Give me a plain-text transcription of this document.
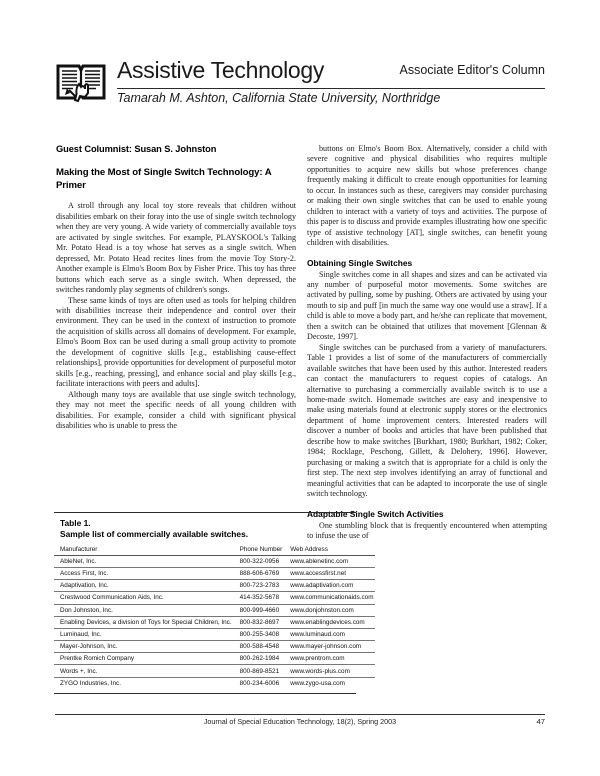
Assistive Technology	Associate Editor's Column
Tamarah M. Ashton, California State University, Northridge
Guest Columnist: Susan S. Johnston
Making the Most of Single Switch Technology: A Primer

A stroll through any local toy store reveals that children without disabilities embark on their foray into the use of single switch technology when they are very young. A wide variety of commercially available toys are activated by single switches. For example, PLAYSKOOL's Talking Mr. Potato Head is a toy whose hat serves as a single switch. When depressed, Mr. Potato Head recites lines from the movie Toy Story-2. Another example is Elmo's Boom Box by Fisher Price. This toy has three buttons which each serve as a single switch. When depressed, the switches randomly play segments of children's songs.

These same kinds of toys are often used as tools for helping children with disabilities increase their independence and control over their environment. They can be used in the context of instruction to promote the acquisition of skills across all domains of development. For example, Elmo's Boom Box can be used during a small group activity to promote the development of cognitive skills [e.g., establishing cause-effect relationships], provide opportunities for development of purposeful motor skills [e.g., reaching, pressing], and enhance social and play skills [e.g., facilitate interactions with peers and adults].

Although many toys are available that use single switch technology, they may not meet the specific needs of all young children with disabilities. For example, consider a child with significant physical disabilities who is unable to press the

buttons on Elmo's Boom Box. Alternatively, consider a child with severe cognitive and physical disabilities who requires multiple opportunities to acquire new skills but whose preferences change frequently making it difficult to create enough opportunities for learning to occur. In instances such as these, caregivers may consider purchasing or making their own single switches that can be used to enable young children to interact with a variety of toys and activities. The purpose of this paper is to discuss and provide examples illustrating how one specific type of assistive technology [AT], single switches, can benefit young children with disabilities.

Obtaining Single Switches

Single switches come in all shapes and sizes and can be activated via any number of purposeful motor movements. Some switches are activated by pulling, some by pushing. Others are activated by using your mouth to sip and puff [in much the same way one would use a straw]. If a child is able to move a body part, and he/she can replicate that movement, then a switch can be obtained that utilizes that movement [Glennan & Decoste, 1997].

Single switches can be purchased from a variety of manufacturers. Table 1 provides a list of some of the manufacturers of commercially available switches that have been used by this author. Interested readers can contact the manufacturers to request copies of catalogs. An alternative to purchasing a commercially available switch is to use a home-made switch. Homemade switches are easy and inexpensive to make using materials found at electronic supply stores or the electronics department of home improvement centers. Interested readers will discover a number of books and articles that have been published that describe how to make switches [Burkhart, 1980; Burkhart, 1982; Coker, 1984; Rocklage, Peschong, Gillett, & Delohery, 1996]. However, purchasing or making a switch that is appropriate for a child is only the first step. The next step involves identifying an array of functional and meaningful activities that can be adapted to incorporate the use of single switch technology.

Adaptable Single Switch Activities

One stumbling block that is frequently encountered when attempting to infuse the use of

Table 1.
Sample list of commercially available switches.
Manufacturer	Phone Number	Web Address
AbleNet, Inc.	800-322-0956	www.ablenetinc.com
Access First, Inc.	888-606-6769	www.accessfirst.net
Adaptivation, Inc.	800-723-2783	www.adaptivation.com
Crestwood Communication Aids, Inc.	414-352-5678	www.communicationaids.com
Don Johnston, Inc.	800-999-4660	www.donjohnston.com
Enabling Devices, a division of Toys for Special Children, Inc.	800-832-8697	www.enablingdevices.com
Luminaud, Inc.	800-255-3408	www.luminaud.com
Mayer-Johnson, Inc.	800-588-4548	www.mayer-johnson.com
Prentke Romich Company	800-262-1984	www.prentrom.com
Words +, Inc.	800-869-8521	www.words-plus.com
ZYGO Industries, Inc.	800-234-6006	www.zygo-usa.com
Journal of Special Education Technology, 18(2), Spring 2003	47
